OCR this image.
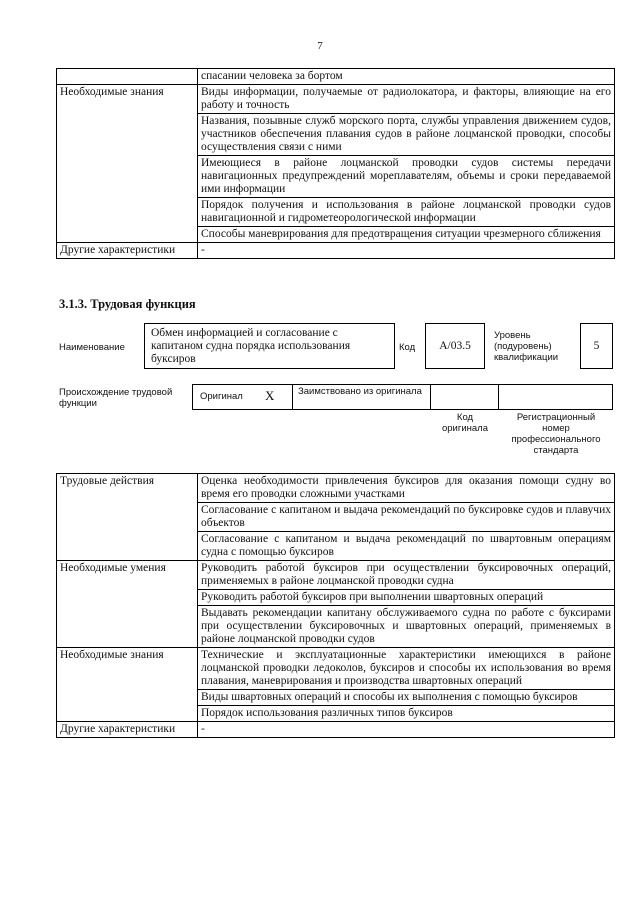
7
	спасании человека за бортом
Необходимые знания	Виды информации, получаемые от радиолокатора, и факторы, влияющие на его работу и точность
	Названия, позывные служб морского порта, службы управления движением судов, участников обеспечения плавания судов в районе лоцманской проводки, способы осуществления связи с ними
	Имеющиеся в районе лоцманской проводки судов системы передачи навигационных предупреждений мореплавателям, объемы и сроки передаваемой ими информации
	Порядок получения и использования в районе лоцманской проводки судов навигационной и гидрометеорологической информации
	Способы маневрирования для предотвращения ситуации чрезмерного сближения
Другие характеристики	-
3.1.3. Трудовая функция
Наименование
Обмен информацией и согласование с капитаном судна порядка использования буксиров
Код	A/03.5
Уровень (подуровень) квалификации
5
Происхождение трудовой функции
Оригинал X Заимствовано из оригинала
Код оригинала
Регистрационный номер профессионального стандарта
Трудовые действия	Оценка необходимости привлечения буксиров для оказания помощи судну во время его проводки сложными участками
	Согласование с капитаном и выдача рекомендаций по буксировке судов и плавучих объектов
	Согласование с капитаном и выдача рекомендаций по швартовным операциям судна с помощью буксиров
Необходимые умения	Руководить работой буксиров при осуществлении буксировочных операций, применяемых в районе лоцманской проводки судна
	Руководить работой буксиров при выполнении швартовных операций
	Выдавать рекомендации капитану обслуживаемого судна по работе с буксирами при осуществлении буксировочных и швартовных операций, применяемых в районе лоцманской проводки судов
Необходимые знания	Технические и эксплуатационные характеристики имеющихся в районе лоцманской проводки ледоколов, буксиров и способы их использования во время плавания, маневрирования и производства швартовных операций
	Виды швартовных операций и способы их выполнения с помощью буксиров
	Порядок использования различных типов буксиров
Другие характеристики	-
